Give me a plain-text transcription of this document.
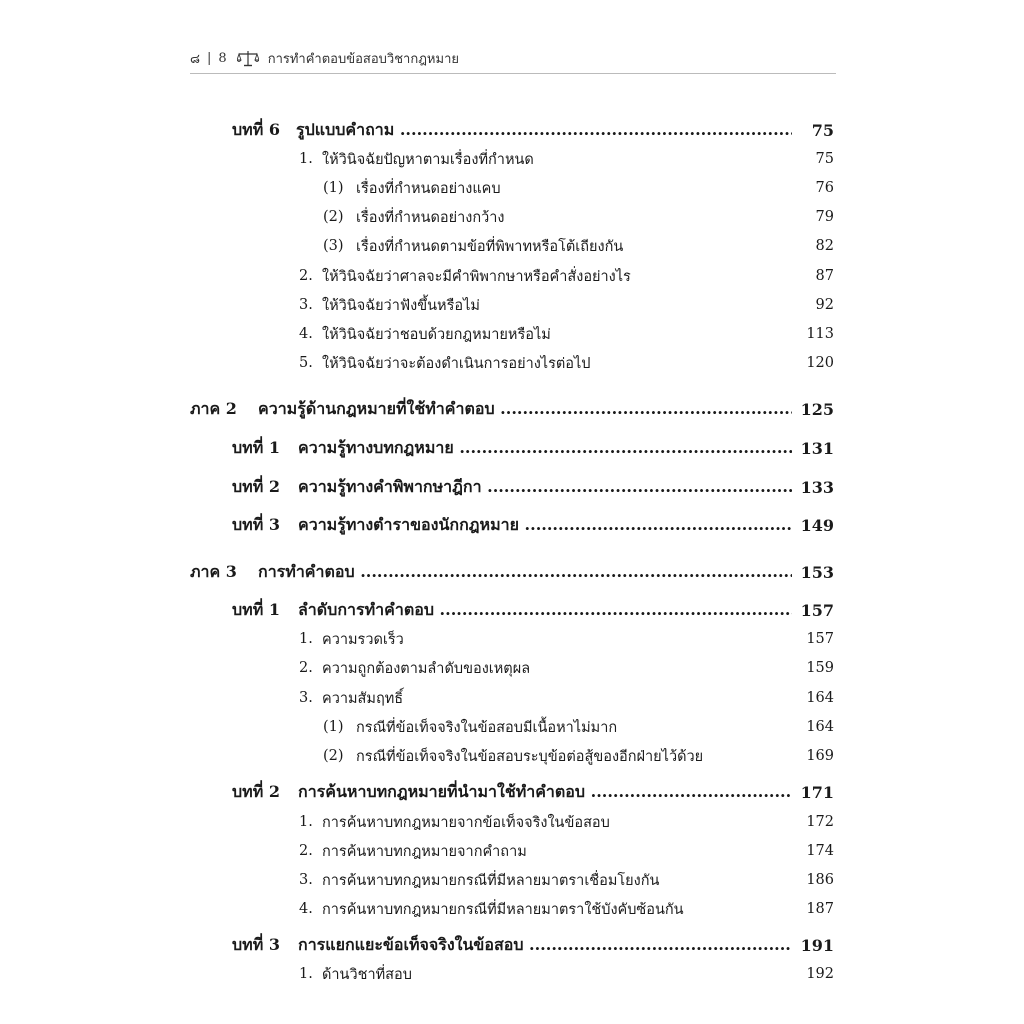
๘ | 8	การทำคำตอบข้อสอบวิชากฎหมาย
บทที่ 6 รูปแบบคำถาม .....	75
1. ให้วินิจฉัยปัญหาตามเรื่องที่กำหนด	75
(1) เรื่องที่กำหนดอย่างแคบ	76
(2) เรื่องที่กำหนดอย่างกว้าง	79
(3) เรื่องที่กำหนดตามข้อที่พิพาทหรือโต้เถียงกัน	82
2. ให้วินิจฉัยว่าศาลจะมีคำพิพากษาหรือคำสั่งอย่างไร	87
3. ให้วินิจฉัยว่าฟังขึ้นหรือไม่	92
4. ให้วินิจฉัยว่าชอบด้วยกฎหมายหรือไม่	113
5. ให้วินิจฉัยว่าจะต้องดำเนินการอย่างไรต่อไป	120
ภาค 2 ความรู้ด้านกฎหมายที่ใช้ทำคำตอบ .....	125
บทที่ 1 ความรู้ทางบทกฎหมาย .....	131
บทที่ 2 ความรู้ทางคำพิพากษาฎีกา .....	133
บทที่ 3 ความรู้ทางตำราของนักกฎหมาย .....	149
ภาค 3 การทำคำตอบ .....	153
บทที่ 1 ลำดับการทำคำตอบ .....	157
1. ความรวดเร็ว	157
2. ความถูกต้องตามลำดับของเหตุผล	159
3. ความสัมฤทธิ์	164
(1) กรณีที่ข้อเท็จจริงในข้อสอบมีเนื้อหาไม่มาก	164
(2) กรณีที่ข้อเท็จจริงในข้อสอบระบุข้อต่อสู้ของอีกฝ่ายไว้ด้วย	169
บทที่ 2 การค้นหาบทกฎหมายที่นำมาใช้ทำคำตอบ .....	171
1. การค้นหาบทกฎหมายจากข้อเท็จจริงในข้อสอบ	172
2. การค้นหาบทกฎหมายจากคำถาม	174
3. การค้นหาบทกฎหมายกรณีที่มีหลายมาตราเชื่อมโยงกัน	186
4. การค้นหาบทกฎหมายกรณีที่มีหลายมาตราใช้บังคับซ้อนกัน	187
บทที่ 3 การแยกแยะข้อเท็จจริงในข้อสอบ .....	191
1. ด้านวิชาที่สอบ	192
